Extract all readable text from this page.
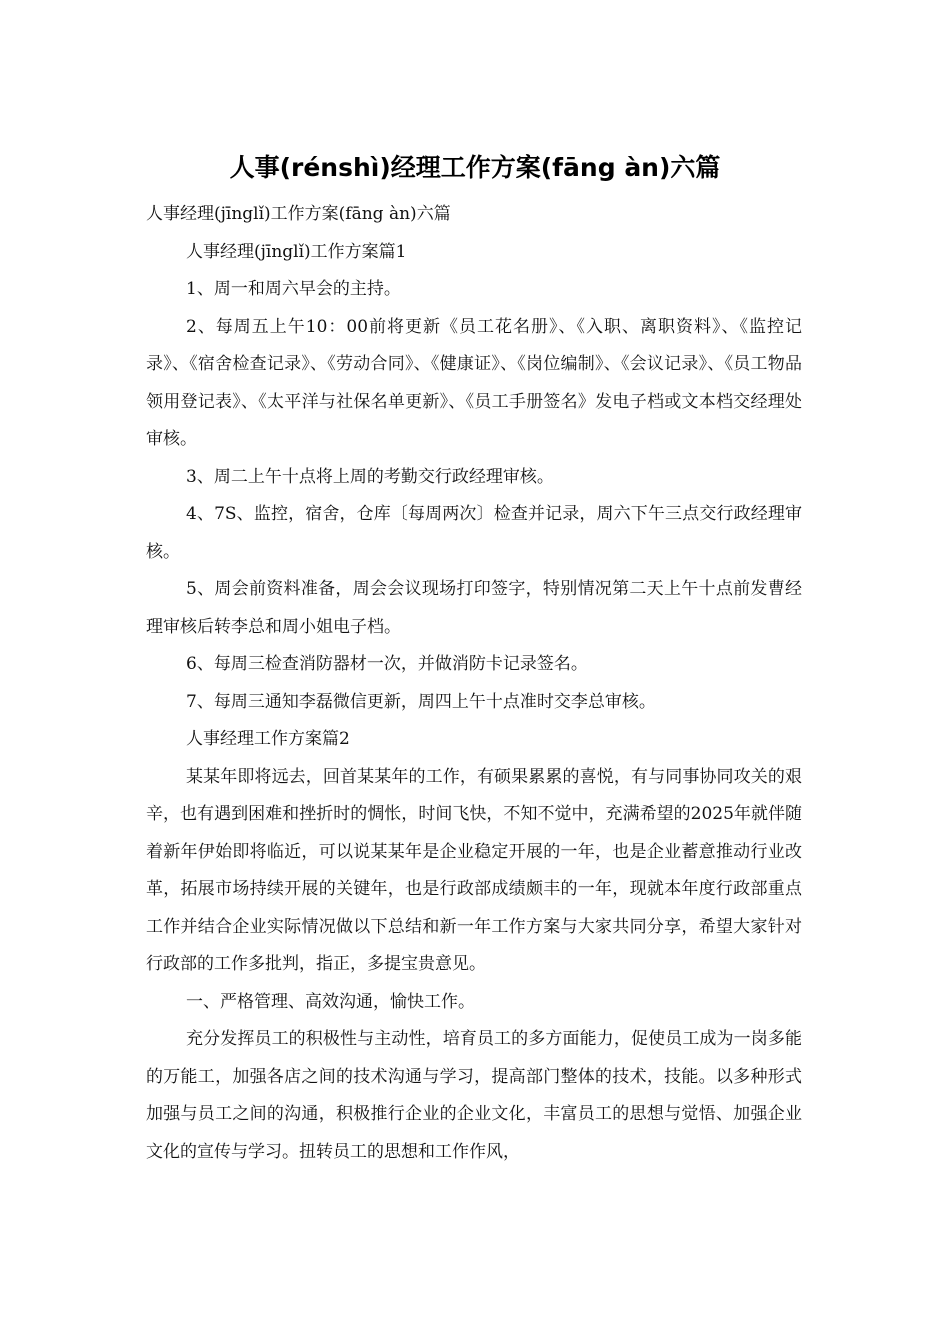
人事(rénshì)经理工作方案(fāng àn)六篇

人事经理(jīnglǐ)工作方案(fāng àn)六篇

人事经理(jīnglǐ)工作方案篇1

1、周一和周六早会的主持。

2、每周五上午10：00前将更新《员工花名册》、《入职、离职资料》、《监控记录》、《宿舍检查记录》、《劳动合同》、《健康证》、《岗位编制》、《会议记录》、《员工物品领用登记表》、《太平洋与社保名单更新》、《员工手册签名》发电子档或文本档交经理处审核。

3、周二上午十点将上周的考勤交行政经理审核。

4、7S、监控，宿舍，仓库〔每周两次〕检查并记录，周六下午三点交行政经理审核。

5、周会前资料准备，周会会议现场打印签字，特别情况第二天上午十点前发曹经理审核后转李总和周小姐电子档。

6、每周三检查消防器材一次，并做消防卡记录签名。

7、每周三通知李磊微信更新，周四上午十点准时交李总审核。

人事经理工作方案篇2

某某年即将远去，回首某某年的工作，有硕果累累的喜悦，有与同事协同攻关的艰辛，也有遇到困难和挫折时的惆怅，时间飞快，不知不觉中，充满希望的2025年就伴随着新年伊始即将临近，可以说某某年是企业稳定开展的一年，也是企业蓄意推动行业改革，拓展市场持续开展的关键年，也是行政部成绩颇丰的一年，现就本年度行政部重点工作并结合企业实际情况做以下总结和新一年工作方案与大家共同分享，希望大家针对行政部的工作多批判，指正，多提宝贵意见。

一、严格管理、高效沟通，愉快工作。

充分发挥员工的积极性与主动性，培育员工的多方面能力，促使员工成为一岗多能的万能工，加强各店之间的技术沟通与学习，提高部门整体的技术，技能。以多种形式加强与员工之间的沟通，积极推行企业的企业文化，丰富员工的思想与觉悟、加强企业文化的宣传与学习。扭转员工的思想和工作作风，
